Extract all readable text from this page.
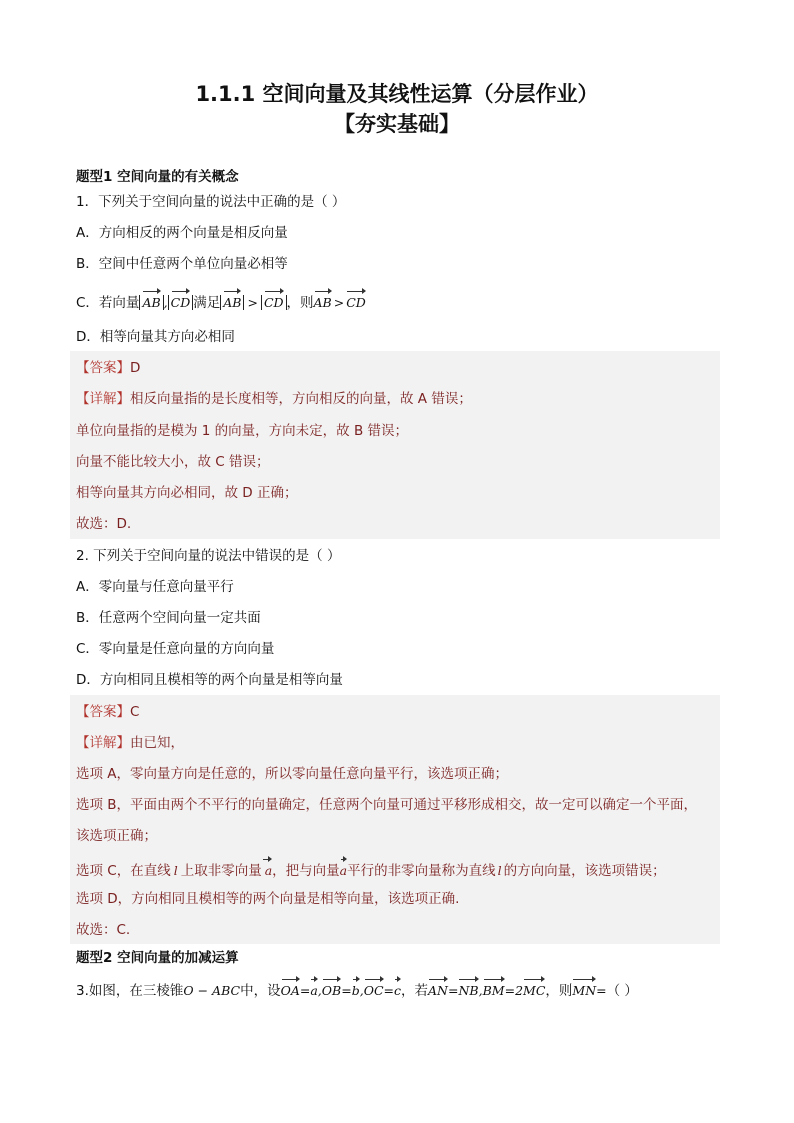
1.1.1 空间向量及其线性运算（分层作业）
【夯实基础】
题型1 空间向量的有关概念
1．下列关于空间向量的说法中正确的是（ ）
A．方向相反的两个向量是相反向量
B．空间中任意两个单位向量必相等
C．若向量 AB , CD 满足 AB > CD ，则AB > CD
D．相等向量其方向必相同
【答案】D
【详解】相反向量指的是长度相等，方向相反的向量，故 A 错误；
单位向量指的是模为 1 的向量，方向未定，故 B 错误；
向量不能比较大小，故 C 错误；
相等向量其方向必相同，故 D 正确；
故选：D.
2. 下列关于空间向量的说法中错误的是（ ）
A．零向量与任意向量平行
B．任意两个空间向量一定共面
C．零向量是任意向量的方向向量
D．方向相同且模相等的两个向量是相等向量
【答案】C
【详解】由已知，
选项 A，零向量方向是任意的，所以零向量任意向量平行，该选项正确；
选项 B，平面由两个不平行的向量确定，任意两个向量可通过平移形成相交，故一定可以确定一个平面，
该选项正确；
选项 C，在直线 l 上取非零向量 a，把与向量a平行的非零向量称为直线 l 的方向向量，该选项错误；
选项 D，方向相同且模相等的两个向量是相等向量，该选项正确.
故选：C.
题型2 空间向量的加减运算
3.如图，在三棱锥O − ABC中，设OA=a,OB=b,OC=c，若AN=NB,BM=2MC，则MN=（ ）
